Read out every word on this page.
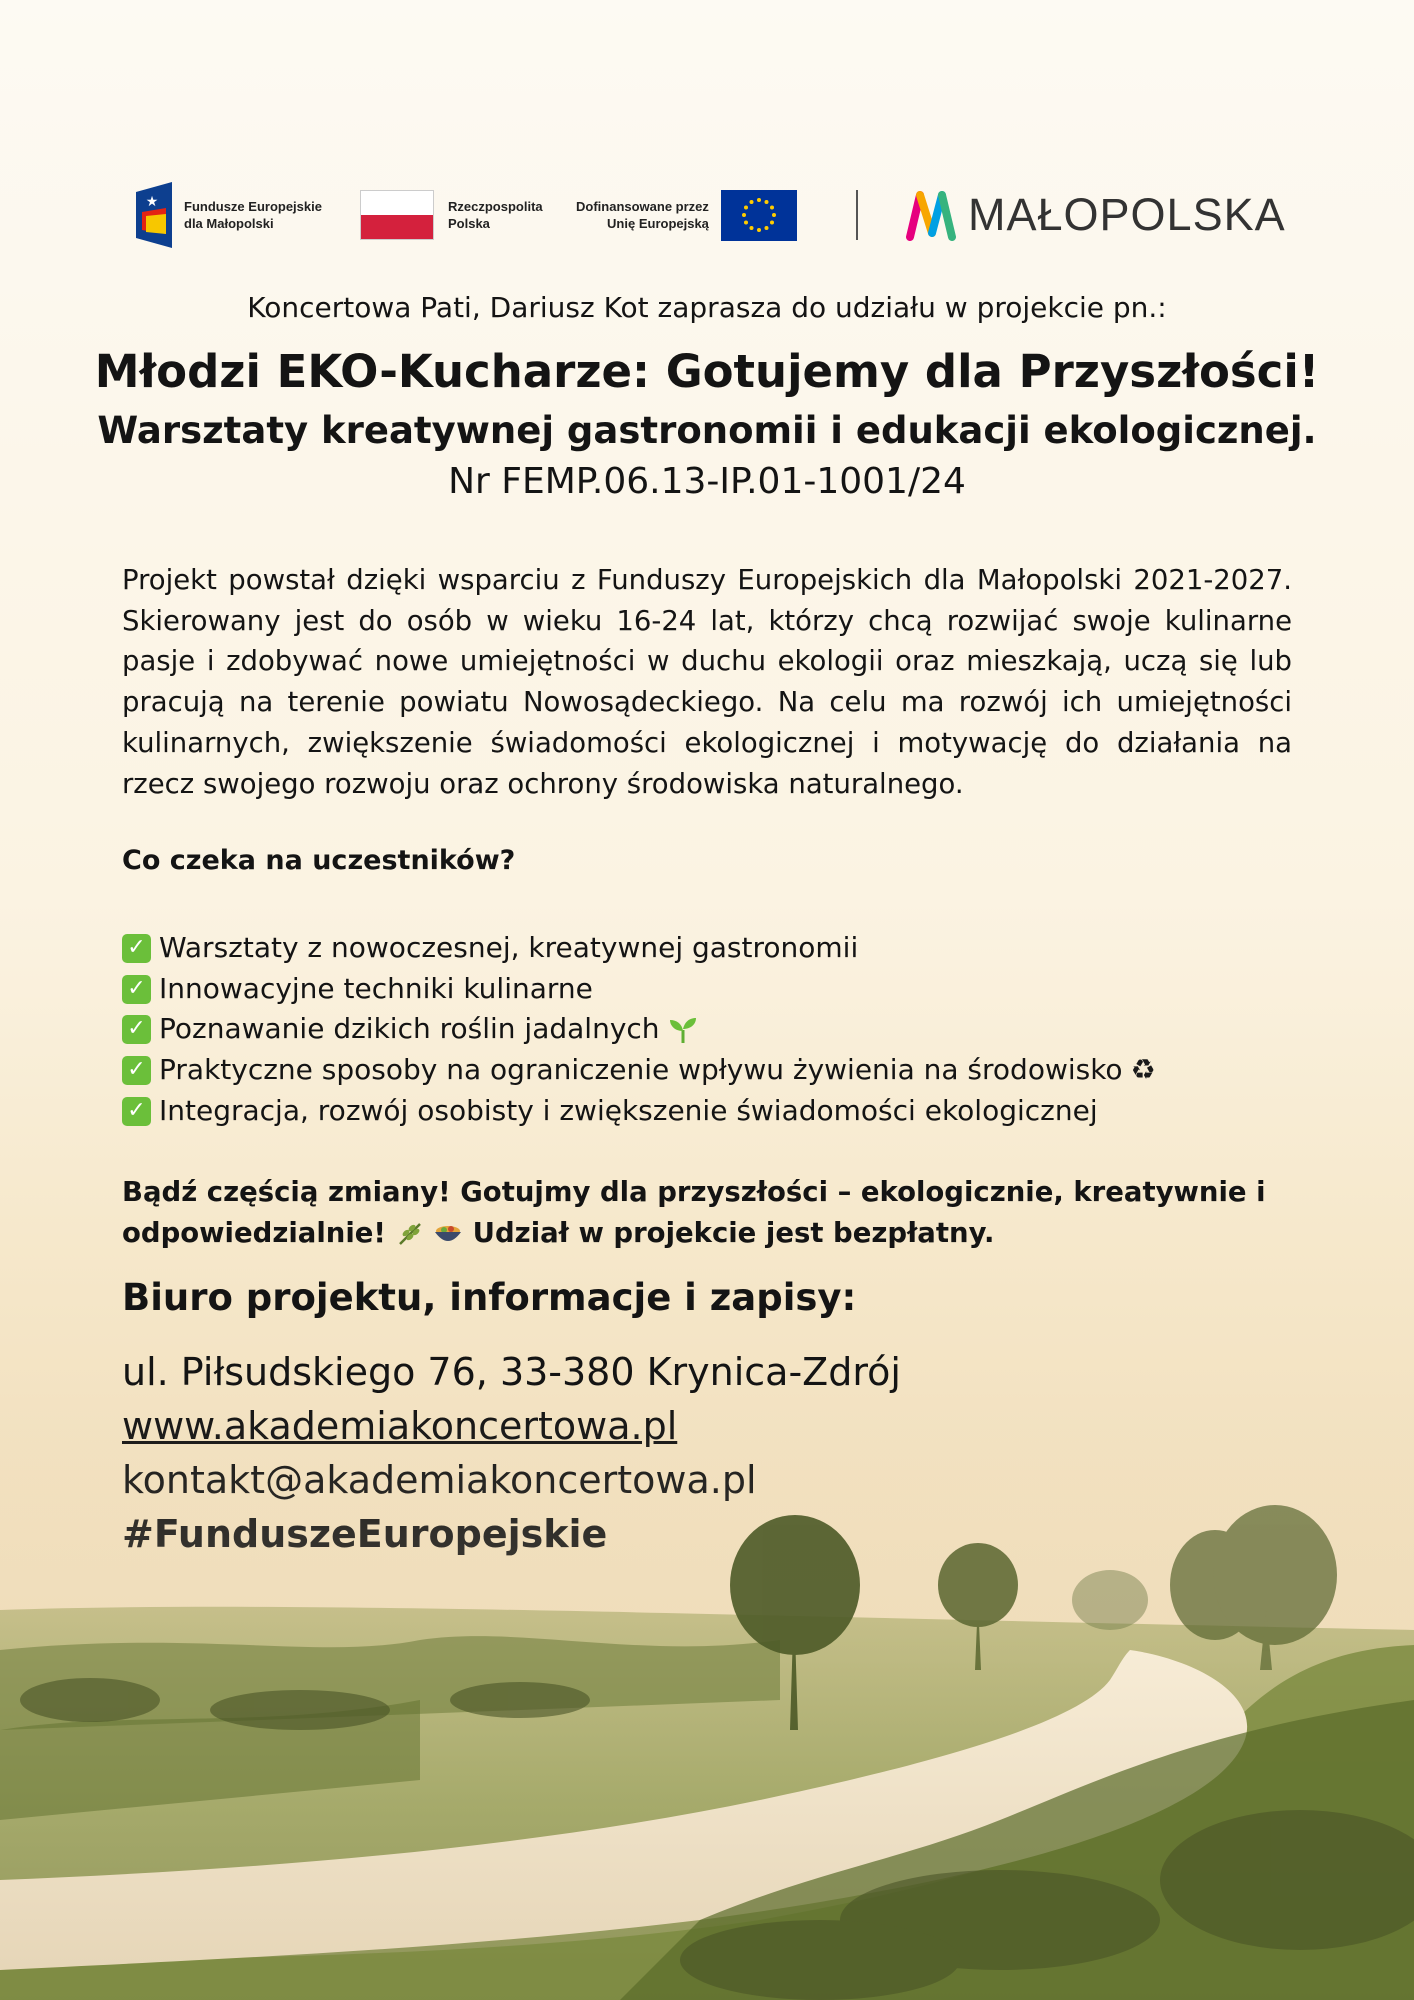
★ Fundusze Europejskie
dla Małopolski
Rzeczpospolita
Polska
Dofinansowane przez
Unię Europejską	MAŁOPOLSKA

Koncertowa Pati, Dariusz Kot zaprasza do udziału w projekcie pn.:

Młodzi EKO-Kucharze: Gotujemy dla Przyszłości!
Warsztaty kreatywnej gastronomii i edukacji ekologicznej.

Nr FEMP.06.13-IP.01-1001/24

Projekt powstał dzięki wsparciu z Funduszy Europejskich dla Małopolski 2021-2027. Skierowany jest do osób w wieku 16-24 lat, którzy chcą rozwijać swoje kulinarne pasje i zdobywać nowe umiejętności w duchu ekologii oraz mieszkają, uczą się lub pracują na terenie powiatu Nowosądeckiego. Na celu ma rozwój ich umiejętności kulinarnych, zwiększenie świadomości ekologicznej i motywację do działania na rzecz swojego rozwoju oraz ochrony środowiska naturalnego.

Co czeka na uczestników?
✓ Warsztaty z nowoczesnej, kreatywnej gastronomii
✓ Innowacyjne techniki kulinarne
✓ Poznawanie dzikich roślin jadalnych
✓ Praktyczne sposoby na ograniczenie wpływu żywienia na środowisko ♻
✓ Integracja, rozwój osobisty i zwiększenie świadomości ekologicznej

Bądź częścią zmiany! Gotujmy dla przyszłości – ekologicznie, kreatywnie i odpowiedzialnie!	Udział w projekcie jest bezpłatny.

Biuro projektu, informacje i zapisy:

ul. Piłsudskiego 76, 33-380 Krynica-Zdrój
